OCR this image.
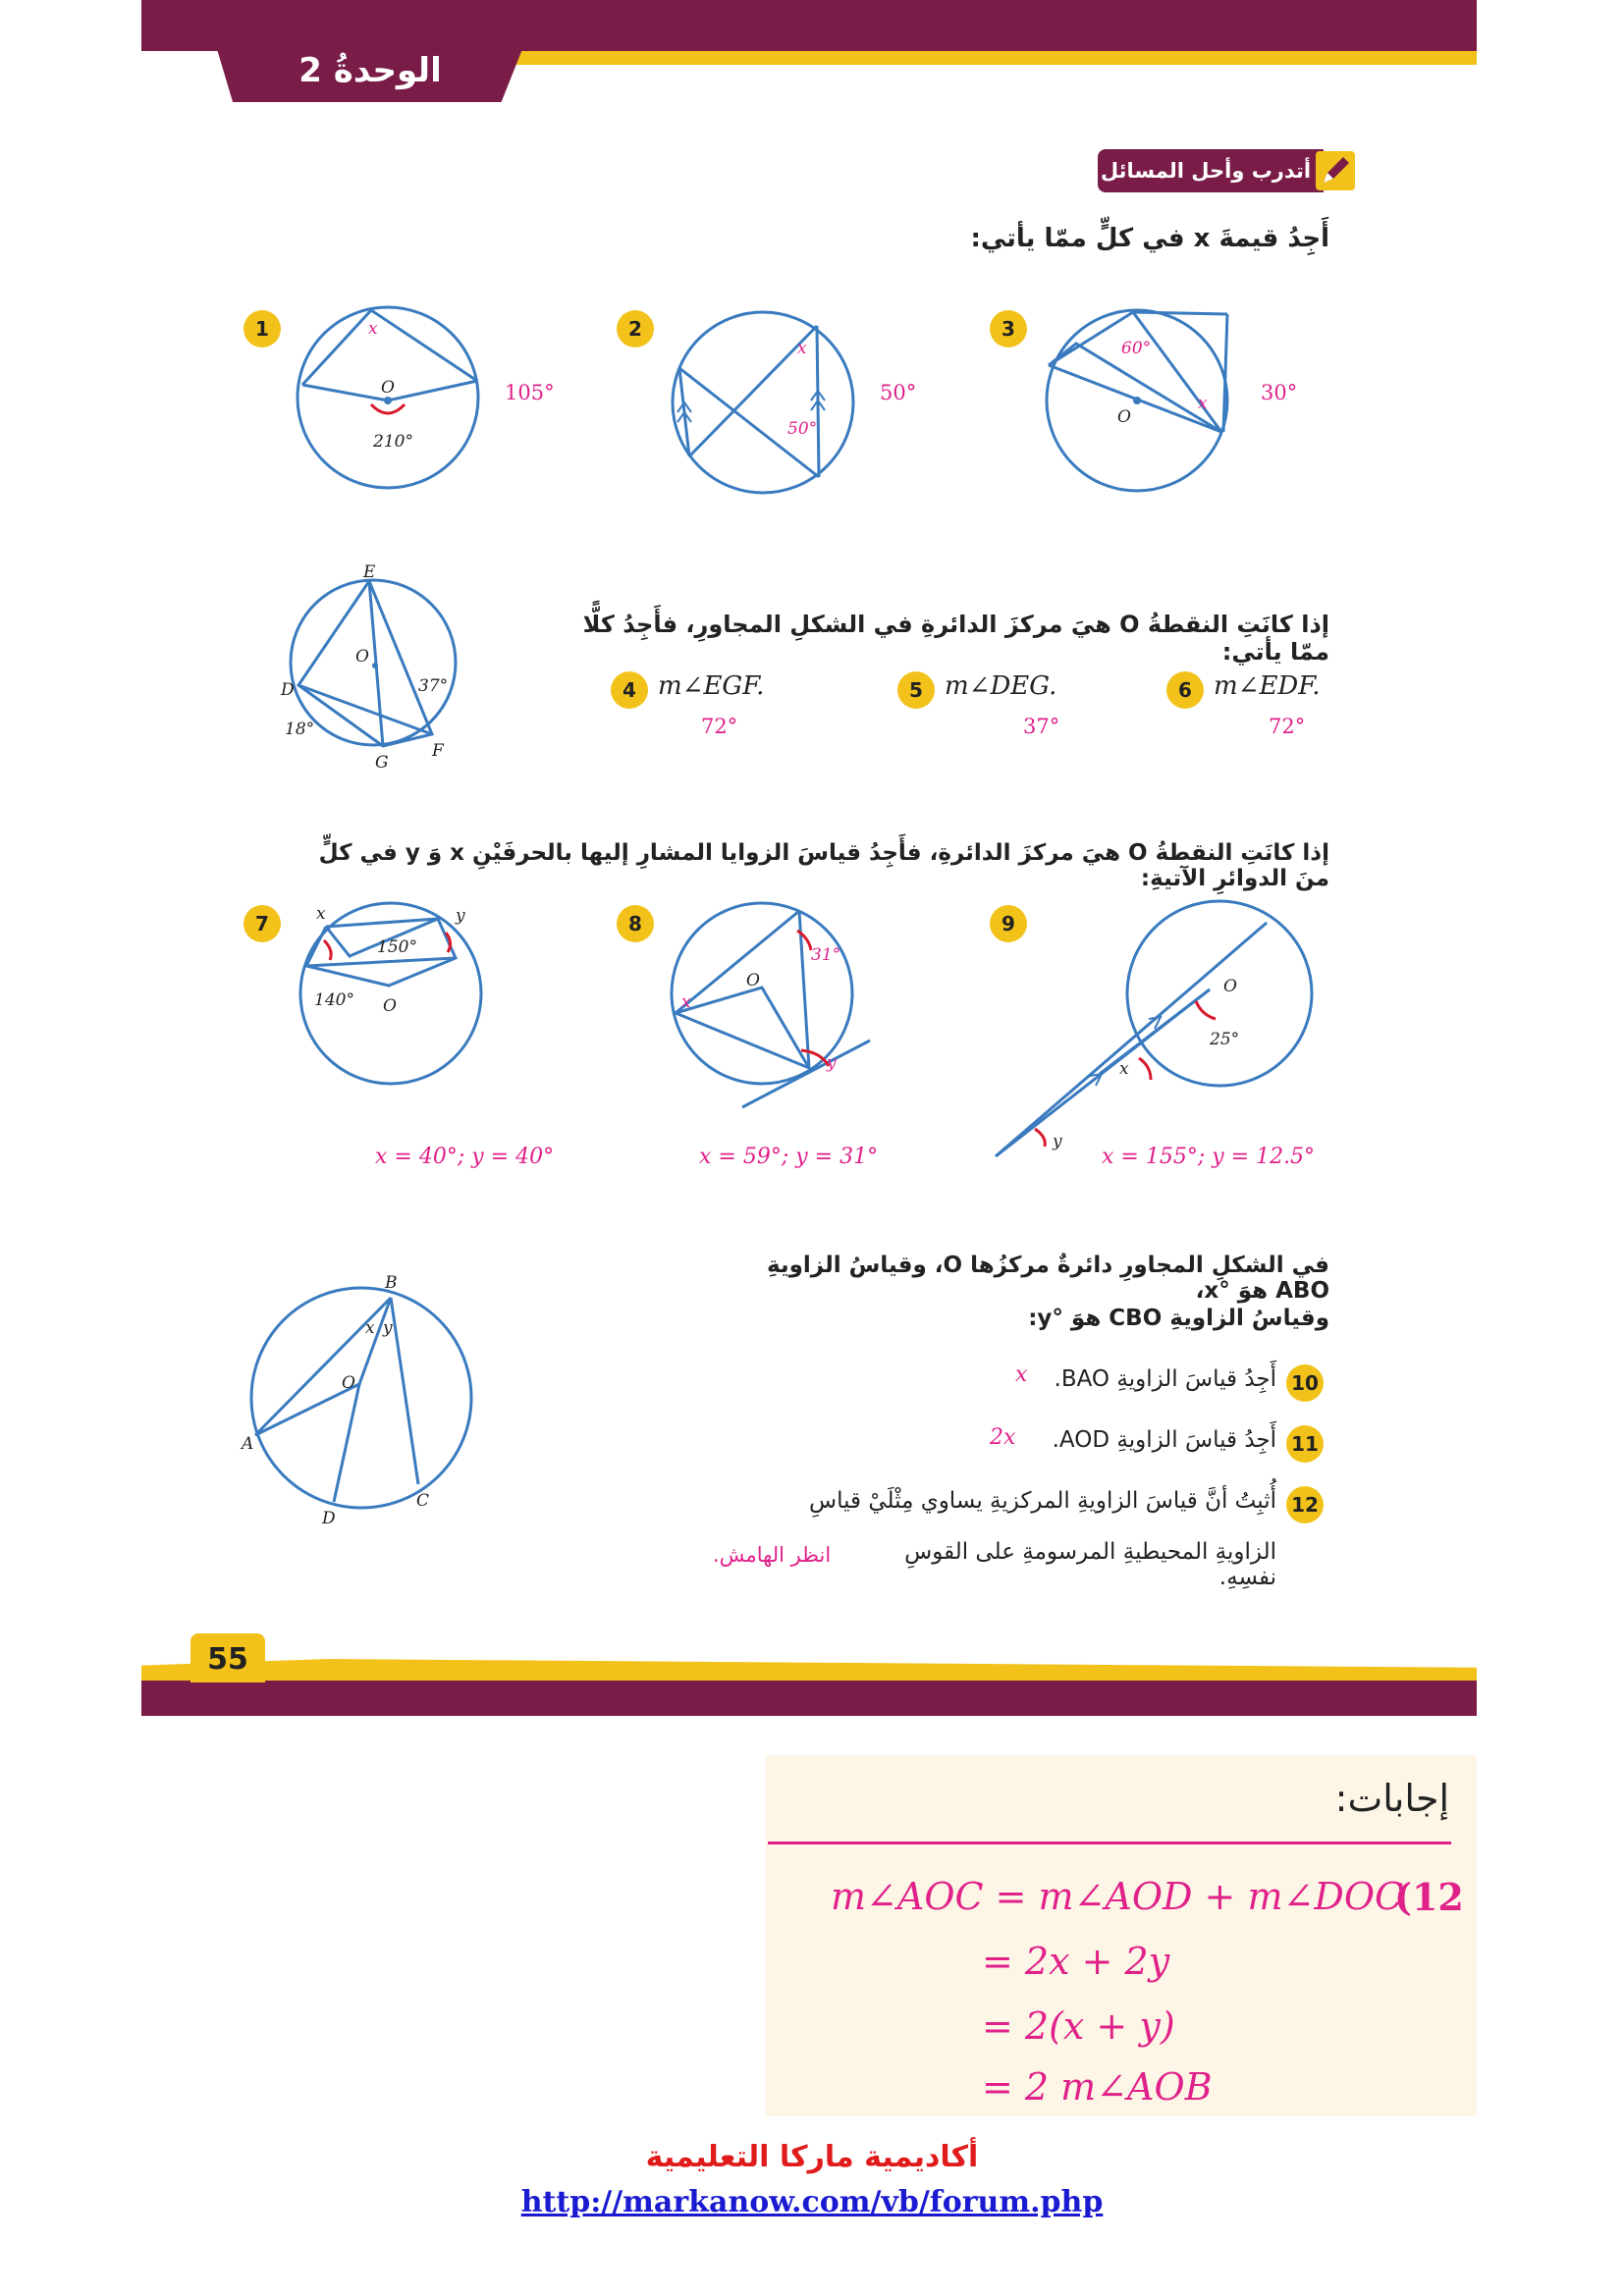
الوحدةُ 2
أتدرب وأحل المسائل
أَجِدُ قيمةَ x في كلٍّ ممّا يأتي:
1	x
O
210°
105°
2
x
50°
50°
3
60°
x
O
30°
E
O
D	37°
18°
G
F
إذا كانَتِ النقطةُ O هيَ مركزَ الدائرةِ في الشكلِ المجاورِ، فأَجِدُ كلًّا ممّا يأتي:
4 m∠EGF.
72°
5 m∠DEG.
37°
6 m∠EDF.
72°
إذا كانَتِ النقطةُ O هيَ مركزَ الدائرةِ، فأَجِدُ قياسَ الزوايا المشارِ إليها بالحرفَيْنِ x وَ y في كلٍّ منَ الدوائرِ الآتيةِ:
7	x	y
150°
140° O
x = 40°; y = 40°
8
31°
O
x
y
x = 59°; y = 31°
9
O
25°
x
y
x = 155°; y = 12.5°
B
x y
O
A
D
C
في الشكلِ المجاورِ دائرةٌ مركزُها O، وقياسُ الزاويةِ ABO هوَ °x،
وقياسُ الزاويةِ CBO هوَ °y:
10
أَجِدُ قياسَ الزاويةِ BAO.
x
11
أَجِدُ قياسَ الزاويةِ AOD.
2x
12
أُثبِتُ أنَّ قياسَ الزاويةِ المركزيةِ يساوي مِثْلَيْ قياسِ
الزاويةِ المحيطيةِ المرسومةِ على القوسِ نفسِهِ.
انظر الهامش.
55
إجابات:
(12
m∠AOC = m∠AOD + m∠DOC
= 2x + 2y
= 2(x + y)
= 2 m∠AOB
أكاديمية ماركا التعليمية
http://markanow.com/vb/forum.php
